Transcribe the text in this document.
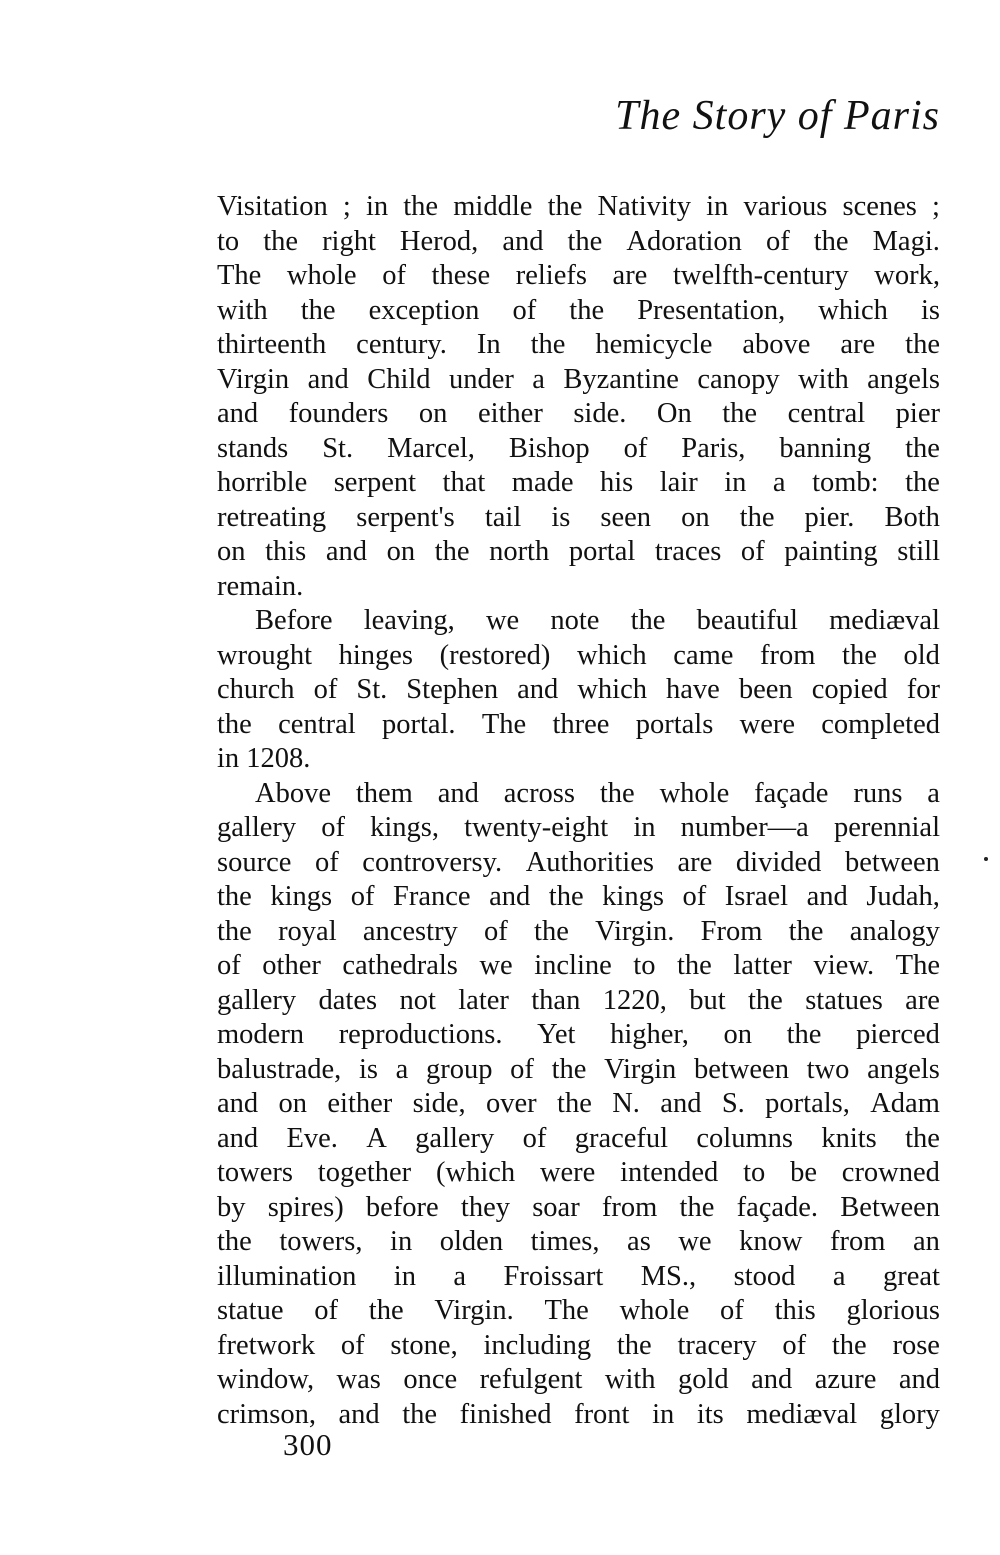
The Story of Paris
Visitation ; in the middle the Nativity in various scenes ;
to the right Herod, and the Adoration of the Magi.
The whole of these reliefs are twelfth-century work,
with the exception of the Presentation, which is
thirteenth century. In the hemicycle above are the
Virgin and Child under a Byzantine canopy with angels
and founders on either side. On the central pier
stands St. Marcel, Bishop of Paris, banning the
horrible serpent that made his lair in a tomb: the
retreating serpent's tail is seen on the pier. Both
on this and on the north portal traces of painting still
remain.
Before leaving, we note the beautiful mediæval
wrought hinges (restored) which came from the old
church of St. Stephen and which have been copied for
the central portal. The three portals were completed
in 1208.
Above them and across the whole façade runs a
gallery of kings, twenty-eight in number—a perennial
source of controversy. Authorities are divided between
the kings of France and the kings of Israel and Judah,
the royal ancestry of the Virgin. From the analogy
of other cathedrals we incline to the latter view. The
gallery dates not later than 1220, but the statues are
modern reproductions. Yet higher, on the pierced
balustrade, is a group of the Virgin between two angels
and on either side, over the N. and S. portals, Adam
and Eve. A gallery of graceful columns knits the
towers together (which were intended to be crowned
by spires) before they soar from the façade. Between
the towers, in olden times, as we know from an
illumination in a Froissart MS., stood a great
statue of the Virgin. The whole of this glorious
fretwork of stone, including the tracery of the rose
window, was once refulgent with gold and azure and
crimson, and the finished front in its mediæval glory
300
